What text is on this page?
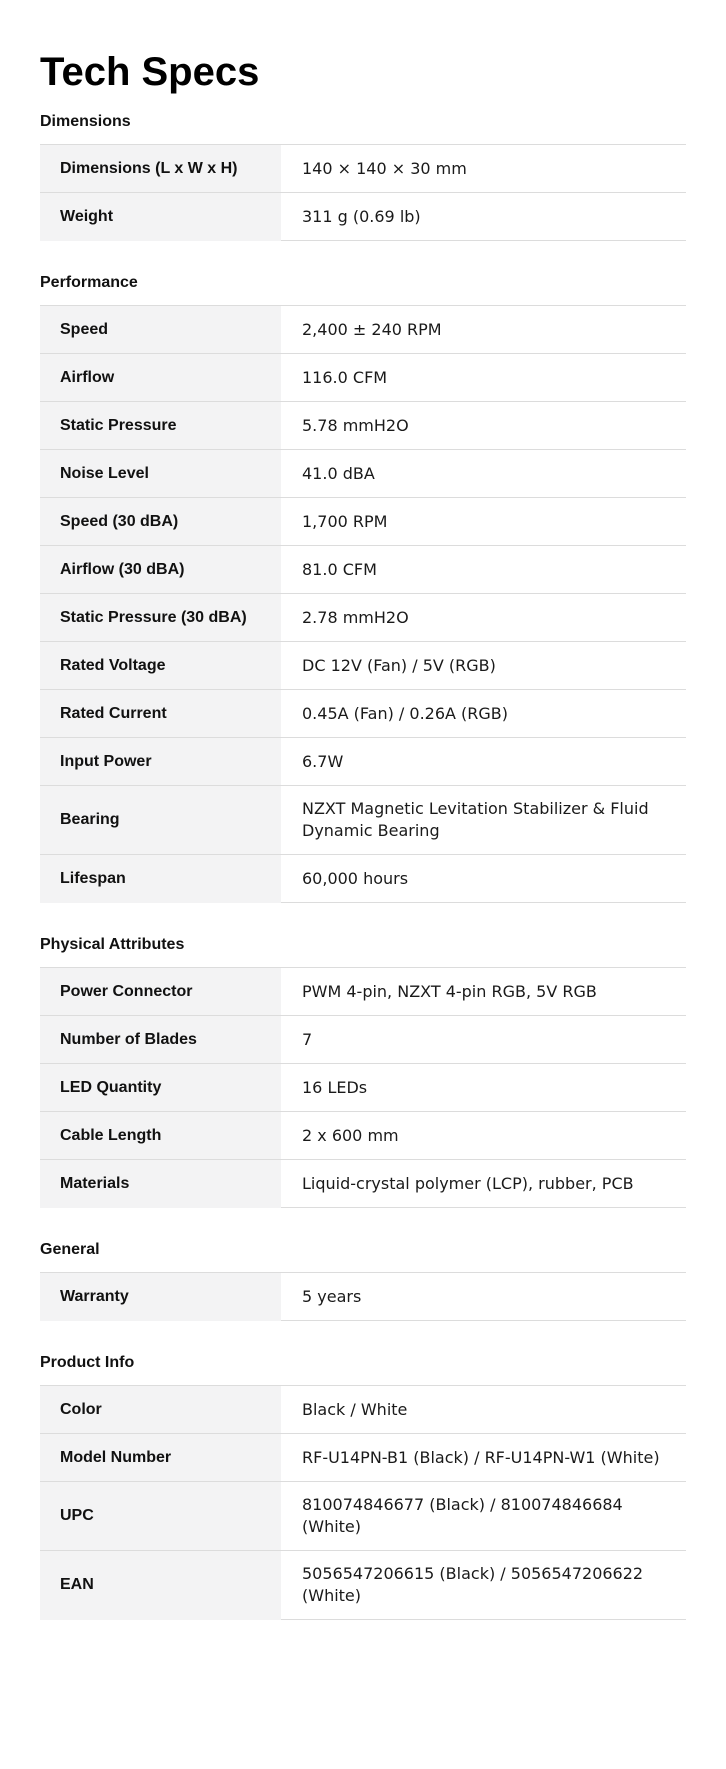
Tech Specs
Dimensions
Dimensions (L x W x H)	140 × 140 × 30 mm
Weight	311 g (0.69 lb)
Performance
Speed	2,400 ± 240 RPM
Airflow	116.0 CFM
Static Pressure	5.78 mmH2O
Noise Level	41.0 dBA
Speed (30 dBA)	1,700 RPM
Airflow (30 dBA)	81.0 CFM
Static Pressure (30 dBA)	2.78 mmH2O
Rated Voltage	DC 12V (Fan) / 5V (RGB)
Rated Current	0.45A (Fan) / 0.26A (RGB)
Input Power	6.7W
Bearing	NZXT Magnetic Levitation Stabilizer & Fluid Dynamic Bearing
Lifespan	60,000 hours
Physical Attributes
Power Connector	PWM 4-pin, NZXT 4-pin RGB, 5V RGB
Number of Blades	7
LED Quantity	16 LEDs
Cable Length	2 x 600 mm
Materials	Liquid-crystal polymer (LCP), rubber, PCB
General
Warranty	5 years
Product Info
Color	Black / White
Model Number	RF-U14PN-B1 (Black) / RF-U14PN-W1 (White)
UPC	810074846677 (Black) / 810074846684 (White)
EAN	5056547206615 (Black) / 5056547206622 (White)
